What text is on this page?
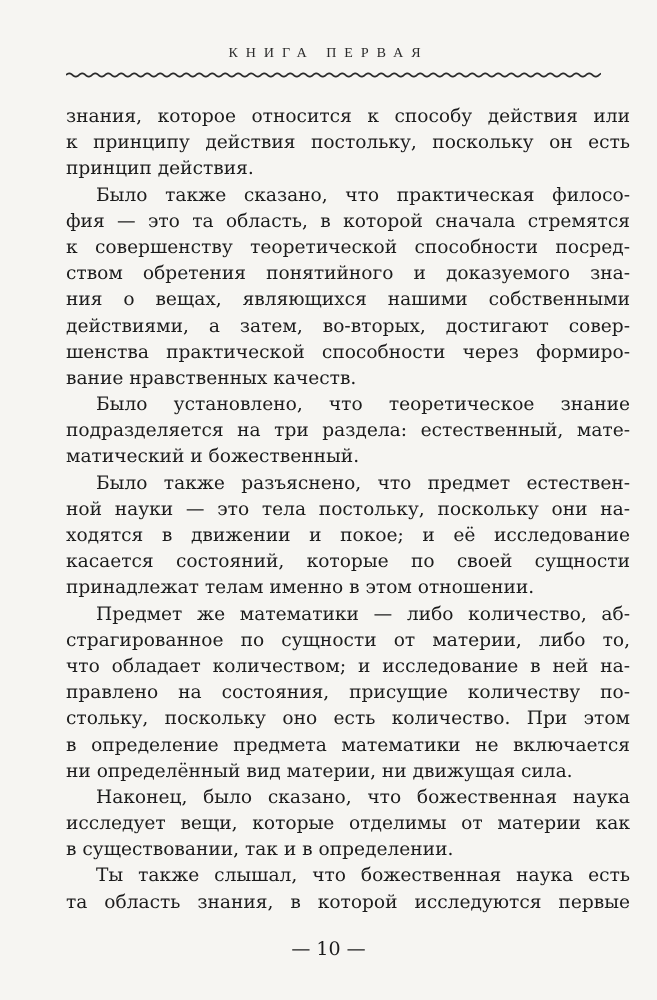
КНИГА ПЕРВАЯ
знания, которое относится к способу действия или
к принципу действия постольку, поскольку он есть
принцип действия.
Было также сказано, что практическая филосо-
фия — это та область, в которой сначала стремятся
к совершенству теоретической способности посред-
ством обретения понятийного и доказуемого зна-
ния о вещах, являющихся нашими собственными
действиями, а затем, во-вторых, достигают совер-
шенства практической способности через формиро-
вание нравственных качеств.
Было установлено, что теоретическое знание
подразделяется на три раздела: естественный, мате-
матический и божественный.
Было также разъяснено, что предмет естествен-
ной науки — это тела постольку, поскольку они на-
ходятся в движении и покое; и её исследование
касается состояний, которые по своей сущности
принадлежат телам именно в этом отношении.
Предмет же математики — либо количество, аб-
страгированное по сущности от материи, либо то,
что обладает количеством; и исследование в ней на-
правлено на состояния, присущие количеству по-
стольку, поскольку оно есть количество. При этом
в определение предмета математики не включается
ни определённый вид материи, ни движущая сила.
Наконец, было сказано, что божественная наука
исследует вещи, которые отделимы от материи как
в существовании, так и в определении.
Ты также слышал, что божественная наука есть
та область знания, в которой исследуются первые
— 10 —
